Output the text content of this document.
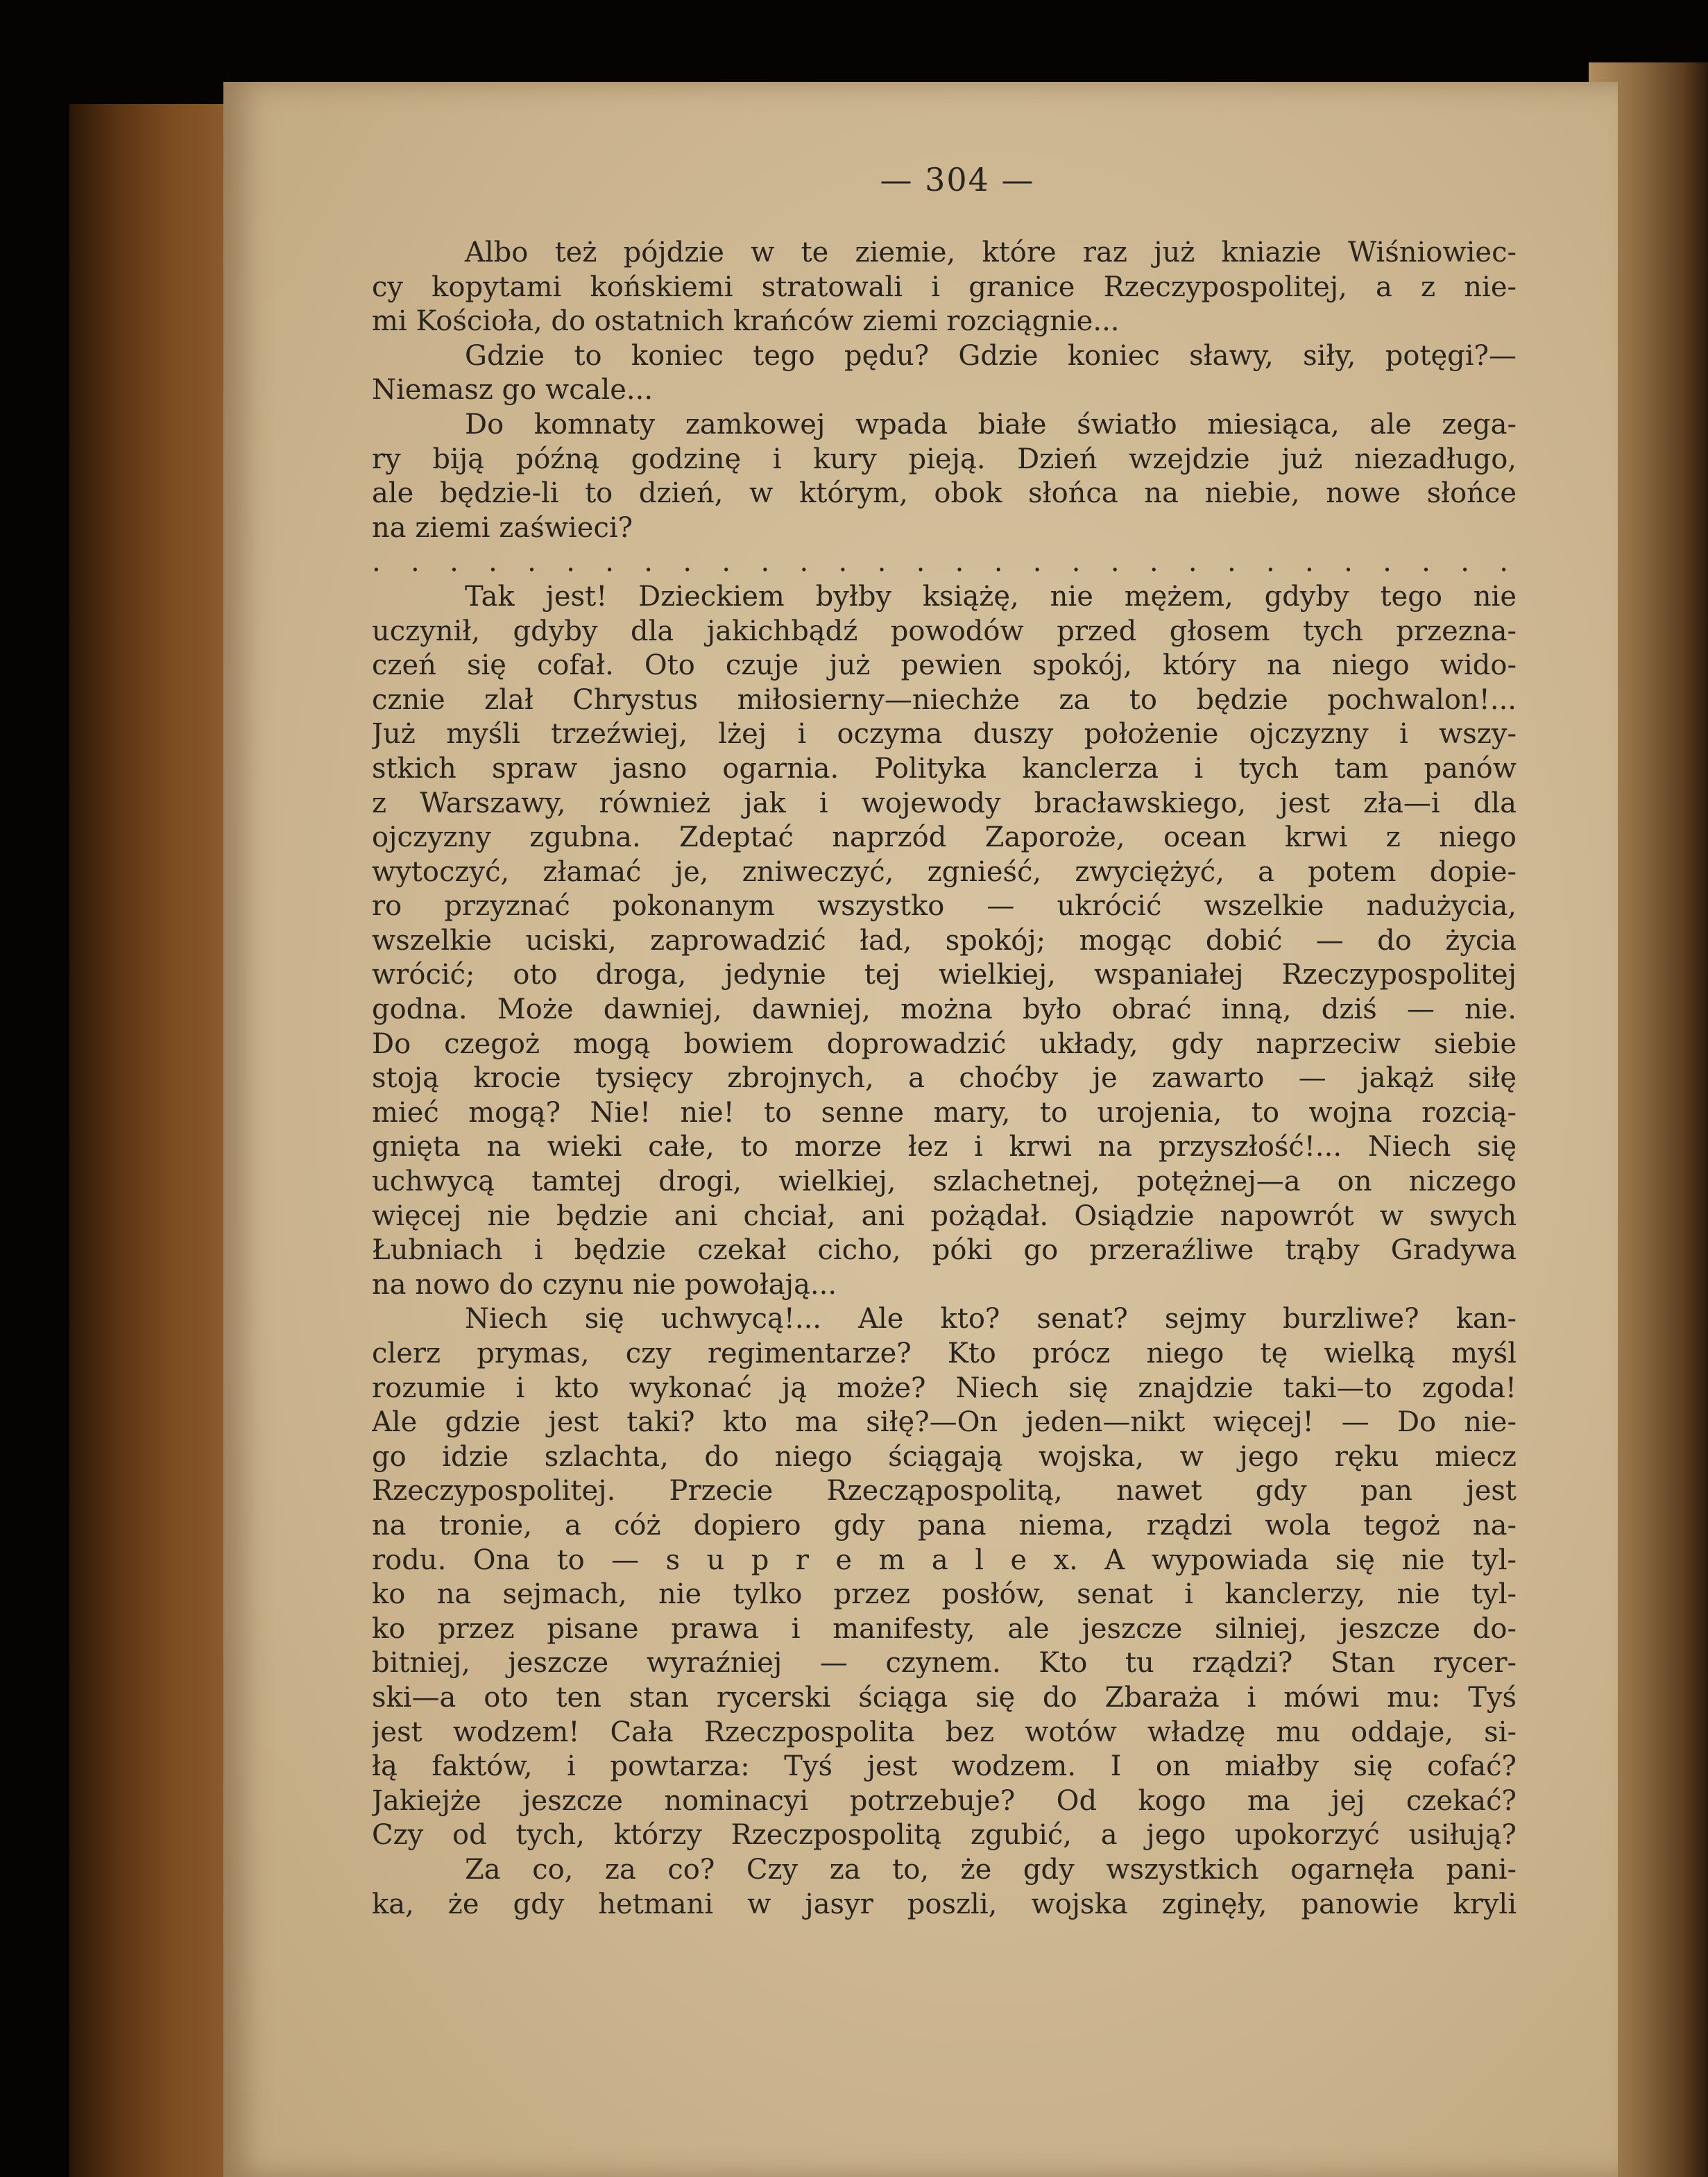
— 304 —
Albo też pójdzie w te ziemie, które raz już kniazie Wiśniowiec-
cy kopytami końskiemi stratowali i granice Rzeczypospolitej, a z nie-
mi Kościoła, do ostatnich krańców ziemi rozciągnie...
Gdzie to koniec tego pędu? Gdzie koniec sławy, siły, potęgi?—
Niemasz go wcale...
Do komnaty zamkowej wpada białe światło miesiąca, ale zega-
ry biją późną godzinę i kury pieją. Dzień wzejdzie już niezadługo,
ale będzie-li to dzień, w którym, obok słońca na niebie, nowe słońce
na ziemi zaświeci?
. . . . . . . . . . . . . . . . . . . . . . . . . . . . . .
Tak jest! Dzieckiem byłby książę, nie mężem, gdyby tego nie
uczynił, gdyby dla jakichbądź powodów przed głosem tych przezna-
czeń się cofał. Oto czuje już pewien spokój, który na niego wido-
cznie zlał Chrystus miłosierny—niechże za to będzie pochwalon!...
Już myśli trzeźwiej, lżej i oczyma duszy położenie ojczyzny i wszy-
stkich spraw jasno ogarnia. Polityka kanclerza i tych tam panów
z Warszawy, również jak i wojewody bracławskiego, jest zła—i dla
ojczyzny zgubna. Zdeptać naprzód Zaporoże, ocean krwi z niego
wytoczyć, złamać je, zniweczyć, zgnieść, zwyciężyć, a potem dopie-
ro przyznać pokonanym wszystko — ukrócić wszelkie nadużycia,
wszelkie uciski, zaprowadzić ład, spokój; mogąc dobić — do życia
wrócić; oto droga, jedynie tej wielkiej, wspaniałej Rzeczypospolitej
godna. Może dawniej, dawniej, można było obrać inną, dziś — nie.
Do czegoż mogą bowiem doprowadzić układy, gdy naprzeciw siebie
stoją krocie tysięcy zbrojnych, a choćby je zawarto — jakąż siłę
mieć mogą? Nie! nie! to senne mary, to urojenia, to wojna rozcią-
gnięta na wieki całe, to morze łez i krwi na przyszłość!... Niech się
uchwycą tamtej drogi, wielkiej, szlachetnej, potężnej—a on niczego
więcej nie będzie ani chciał, ani pożądał. Osiądzie napowrót w swych
Łubniach i będzie czekał cicho, póki go przeraźliwe trąby Gradywa
na nowo do czynu nie powołają...
Niech się uchwycą!... Ale kto? senat? sejmy burzliwe? kan-
clerz prymas, czy regimentarze? Kto prócz niego tę wielką myśl
rozumie i kto wykonać ją może? Niech się znajdzie taki—to zgoda!
Ale gdzie jest taki? kto ma siłę?—On jeden—nikt więcej! — Do nie-
go idzie szlachta, do niego ściągają wojska, w jego ręku miecz
Rzeczypospolitej. Przecie Rzecząpospolitą, nawet gdy pan jest
na tronie, a cóż dopiero gdy pana niema, rządzi wola tegoż na-
rodu. Ona to — s u p r e m a l e x. A wypowiada się nie tyl-
ko na sejmach, nie tylko przez posłów, senat i kanclerzy, nie tyl-
ko przez pisane prawa i manifesty, ale jeszcze silniej, jeszcze do-
bitniej, jeszcze wyraźniej — czynem. Kto tu rządzi? Stan rycer-
ski—a oto ten stan rycerski ściąga się do Zbaraża i mówi mu: Tyś
jest wodzem! Cała Rzeczpospolita bez wotów władzę mu oddaje, si-
łą faktów, i powtarza: Tyś jest wodzem. I on miałby się cofać?
Jakiejże jeszcze nominacyi potrzebuje? Od kogo ma jej czekać?
Czy od tych, którzy Rzeczpospolitą zgubić, a jego upokorzyć usiłują?
Za co, za co? Czy za to, że gdy wszystkich ogarnęła pani-
ka, że gdy hetmani w jasyr poszli, wojska zginęły, panowie kryli
